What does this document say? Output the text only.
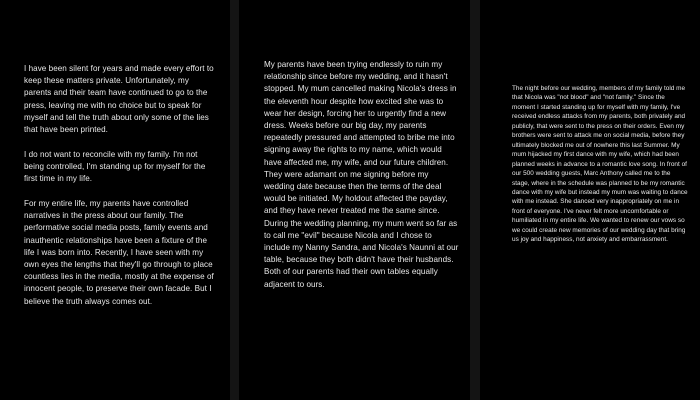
I have been silent for years and made every effort to keep these matters private. Unfortunately, my parents and their team have continued to go to the press, leaving me with no choice but to speak for myself and tell the truth about only some of the lies that have been printed.

I do not want to reconcile with my family. I'm not being controlled, I'm standing up for myself for the first time in my life.

For my entire life, my parents have controlled narratives in the press about our family. The performative social media posts, family events and inauthentic relationships have been a fixture of the life I was born into. Recently, I have seen with my own eyes the lengths that they'll go through to place countless lies in the media, mostly at the expense of innocent people, to preserve their own facade. But I believe the truth always comes out.

My parents have been trying endlessly to ruin my relationship since before my wedding, and it hasn't stopped. My mum cancelled making Nicola's dress in the eleventh hour despite how excited she was to wear her design, forcing her to urgently find a new dress. Weeks before our big day, my parents repeatedly pressured and attempted to bribe me into signing away the rights to my name, which would have affected me, my wife, and our future children. They were adamant on me signing before my wedding date because then the terms of the deal would be initiated. My holdout affected the payday, and they have never treated me the same since. During the wedding planning, my mum went so far as to call me "evil" because Nicola and I chose to include my Nanny Sandra, and Nicola's Naunni at our table, because they both didn't have their husbands. Both of our parents had their own tables equally adjacent to ours.

The night before our wedding, members of my family told me that Nicola was "not blood" and "not family." Since the moment I started standing up for myself with my family, I've received endless attacks from my parents, both privately and publicly, that were sent to the press on their orders. Even my brothers were sent to attack me on social media, before they ultimately blocked me out of nowhere this last Summer. My mum hijacked my first dance with my wife, which had been planned weeks in advance to a romantic love song. In front of our 500 wedding guests, Marc Anthony called me to the stage, where in the schedule was planned to be my romantic dance with my wife but instead my mum was waiting to dance with me instead. She danced very inappropriately on me in front of everyone. I've never felt more uncomfortable or humiliated in my entire life. We wanted to renew our vows so we could create new memories of our wedding day that bring us joy and happiness, not anxiety and embarrassment.
